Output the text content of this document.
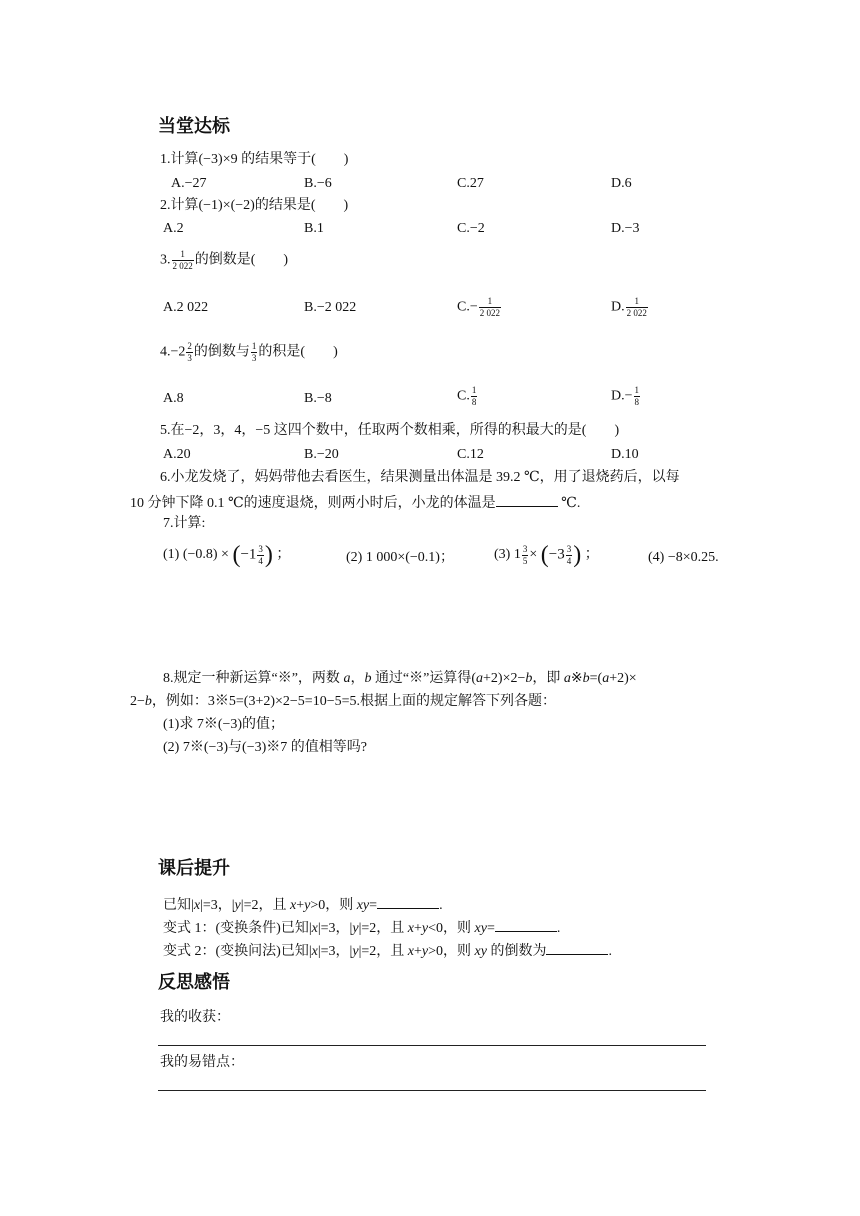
当堂达标
1.计算(−3)×9 的结果等于(　　)
A.−27	B.−6	C.27	D.6
2.计算(−1)×(−2)的结果是(　　)
A.2	B.1	C.−2	D.−3
3. $\frac{1}{2 022}$ 的倒数是(　　)
A.2 022	B.−2 022	$C.- \frac{1}{2 022}$	D. $\frac{1}{2 022}$
$4.-2 \frac{2}{3}$ 的倒数与 $\frac{1}{3}$ 的积是(　　)
A.8	B.−8	C. $\frac{1}{8}$	$D.- \frac{1}{8}$
5.在−2，3，4，−5 这四个数中，任取两个数相乘，所得的积最大的是(　　)
A.20	B.−20	C.12	D.10
6.小龙发烧了，妈妈带他去看医生，结果测量出体温是 39.2 ℃，用了退烧药后，以每
10 分钟下降 0.1 ℃的速度退烧，则两小时后，小龙的体温是	℃.
7.计算:
(1) $(-0.8) \times (-1 \frac{3}{4}$ ) ；	(2) 1 000×(−0.1)；	(3) $1 \frac{3}{5} \times (-3 \frac{3}{4}$ ) ；	(4) −8×0.25.
8.规定一种新运算“※”，两数 a，b 通过“※”运算得(a+2)×2−b，即 a※b=(a+2)×
2−b，例如：3※5=(3+2)×2−5=10−5=5.根据上面的规定解答下列各题：
(1)求 7※(−3)的值；
(2) 7※(−3)与(−3)※7 的值相等吗?
课后提升
已知|x|=3，|y|=2，且 x+y>0，则 xy=	.
变式 1：(变换条件)已知|x|=3，|y|=2，且 x+y<0，则 xy=	.
变式 2：(变换问法)已知|x|=3，|y|=2，且 x+y>0，则 xy 的倒数为	.
反思感悟
我的收获：
我的易错点：
